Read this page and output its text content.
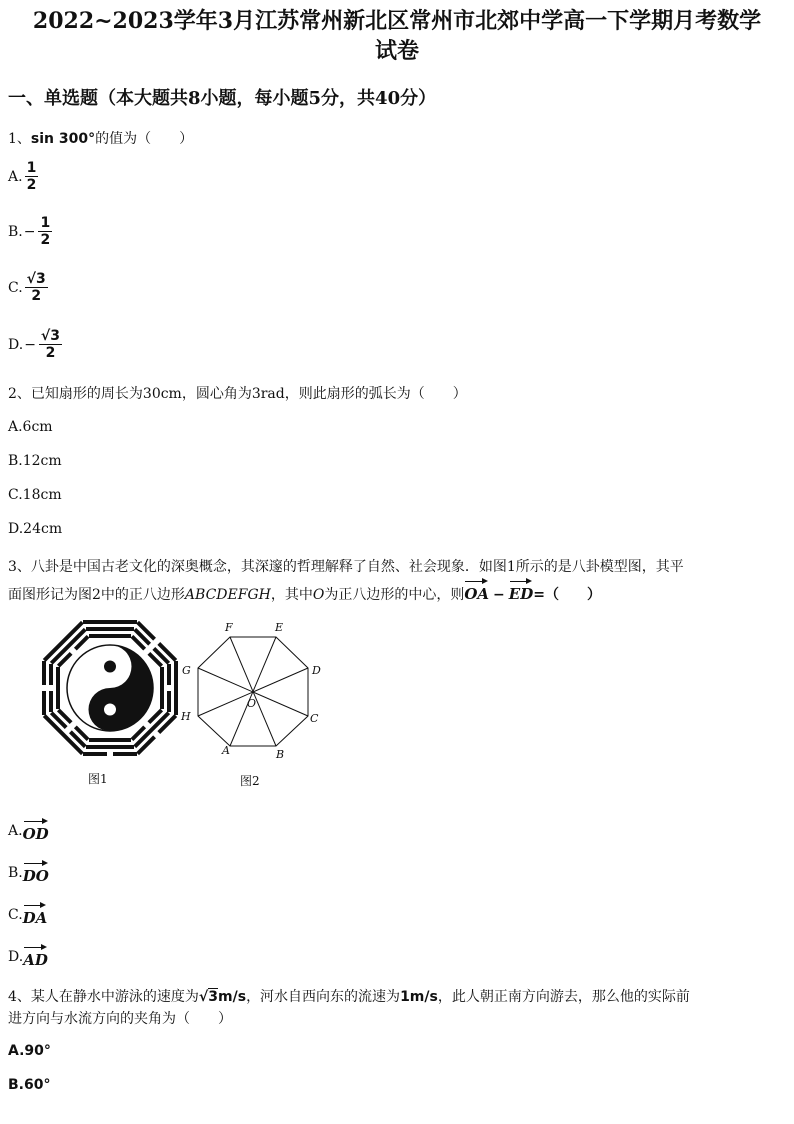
2022~2023学年3月江苏常州新北区常州市北郊中学高一下学期月考数学
试卷
一、单选题（本大题共8小题，每小题5分，共40分）
1、sin 300°的值为（　　）
A. $\frac{1}{2}$
B. − $\frac{1}{2}$
C. $\frac{√3}{2}$
D. − $\frac{√3}{2}$
2、已知扇形的周长为30cm，圆心角为3rad，则此扇形的弧长为（　　）
A.6cm
B.12cm
C.18cm
D.24cm
3、八卦是中国古老文化的深奥概念，其深邃的哲理解释了自然、社会现象．如图1所示的是八卦模型图，其平
面图形记为图2中的正八边形ABCDEFGH，其中O为正八边形的中心，则OA − ED=（　　）
图1
A	B
C
D
E
F
G
H
O
图2
A. OD
B. DO
C. DA
D. AD
4、某人在静水中游泳的速度为√3m/s，河水自西向东的流速为1m/s，此人朝正南方向游去，那么他的实际前
进方向与水流方向的夹角为（　　）
A.90°
B.60°
